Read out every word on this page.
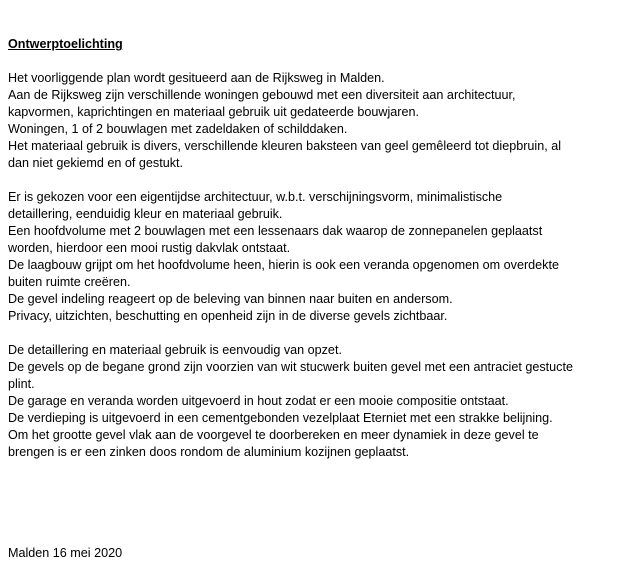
Ontwerptoelichting
Het voorliggende plan wordt gesitueerd aan de Rijksweg in Malden.
Aan de Rijksweg zijn verschillende woningen gebouwd met een diversiteit aan architectuur,
kapvormen, kaprichtingen en materiaal gebruik uit gedateerde bouwjaren.
Woningen, 1 of 2 bouwlagen met zadeldaken of schilddaken.
Het materiaal gebruik is divers, verschillende kleuren baksteen van geel gemêleerd tot diepbruin, al
dan niet gekiemd en of gestukt.
Er is gekozen voor een eigentijdse architectuur, w.b.t. verschijningsvorm, minimalistische
detaillering, eenduidig kleur en materiaal gebruik.
Een hoofdvolume met 2 bouwlagen met een lessenaars dak waarop de zonnepanelen geplaatst
worden, hierdoor een mooi rustig dakvlak ontstaat.
De laagbouw grijpt om het hoofdvolume heen, hierin is ook een veranda opgenomen om overdekte
buiten ruimte creëren.
De gevel indeling reageert op de beleving van binnen naar buiten en andersom.
Privacy, uitzichten, beschutting en openheid zijn in de diverse gevels zichtbaar.
De detaillering en materiaal gebruik is eenvoudig van opzet.
De gevels op de begane grond zijn voorzien van wit stucwerk buiten gevel met een antraciet gestucte
plint.
De garage en veranda worden uitgevoerd in hout zodat er een mooie compositie ontstaat.
De verdieping is uitgevoerd in een cementgebonden vezelplaat Eterniet met een strakke belijning.
Om het grootte gevel vlak aan de voorgevel te doorbereken en meer dynamiek in deze gevel te
brengen is er een zinken doos rondom de aluminium kozijnen geplaatst.
Malden 16 mei 2020
